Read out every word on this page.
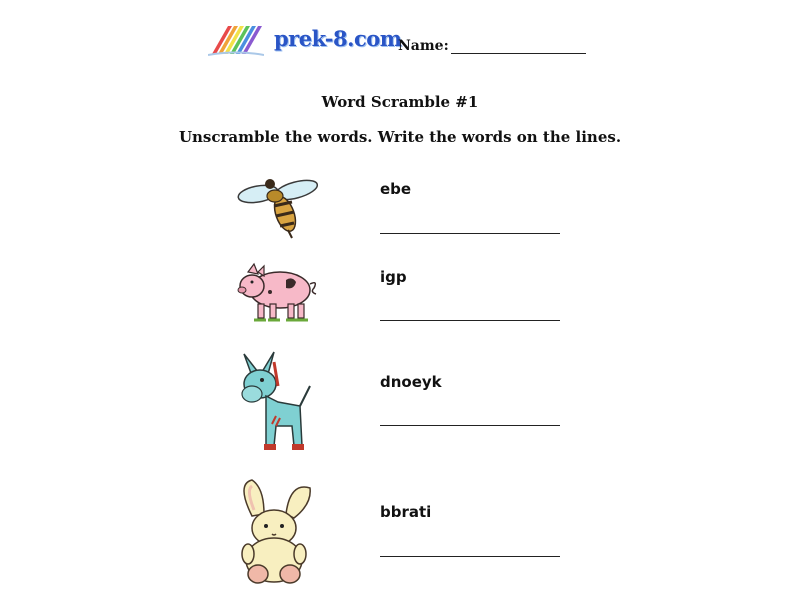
prek-8.com
Name:
Word Scramble #1
Unscramble the words. Write the words on the lines.
ebe
igp
dnoeyk
bbrati
